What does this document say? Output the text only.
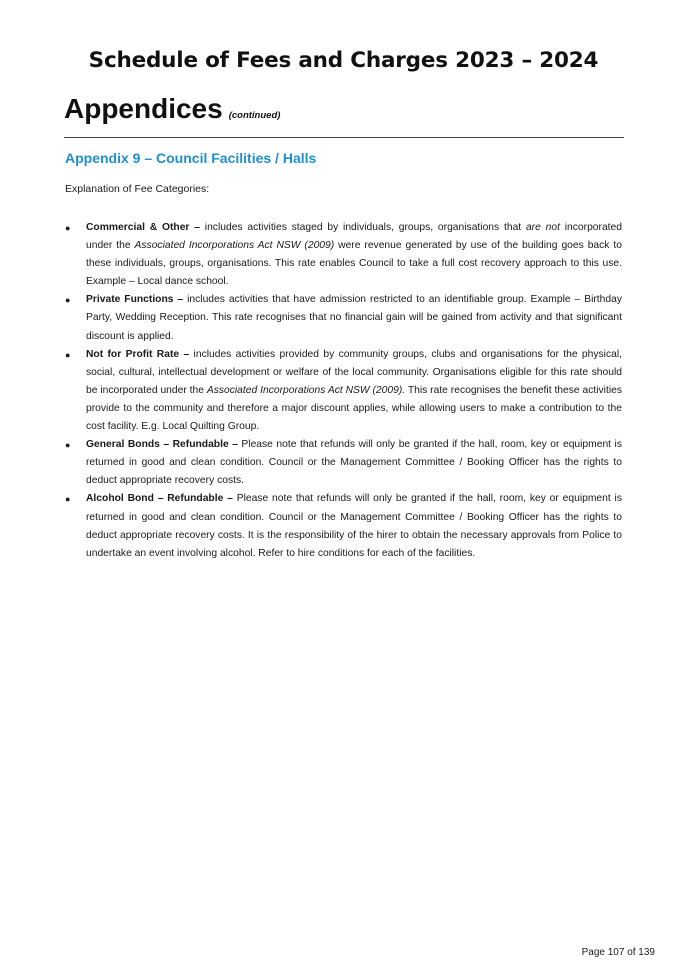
Schedule of Fees and Charges 2023 – 2024
Appendices (continued)
Appendix 9 – Council Facilities / Halls

Explanation of Fee Categories:

● Commercial & Other – includes activities staged by individuals, groups, organisations that are not incorporated under the Associated Incorporations Act NSW (2009) were revenue generated by use of the building goes back to these individuals, groups, organisations. This rate enables Council to take a full cost recovery approach to this use. Example – Local dance school.
● Private Functions – includes activities that have admission restricted to an identifiable group. Example – Birthday Party, Wedding Reception. This rate recognises that no financial gain will be gained from activity and that significant discount is applied.
● Not for Profit Rate – includes activities provided by community groups, clubs and organisations for the physical, social, cultural, intellectual development or welfare of the local community. Organisations eligible for this rate should be incorporated under the Associated Incorporations Act NSW (2009). This rate recognises the benefit these activities provide to the community and therefore a major discount applies, while allowing users to make a contribution to the cost facility. E.g. Local Quilting Group.
● General Bonds – Refundable – Please note that refunds will only be granted if the hall, room, key or equipment is returned in good and clean condition. Council or the Management Committee / Booking Officer has the rights to deduct appropriate recovery costs.
● Alcohol Bond – Refundable – Please note that refunds will only be granted if the hall, room, key or equipment is returned in good and clean condition. Council or the Management Committee / Booking Officer has the rights to deduct appropriate recovery costs. It is the responsibility of the hirer to obtain the necessary approvals from Police to undertake an event involving alcohol. Refer to hire conditions for each of the facilities.

Page 107 of 139
